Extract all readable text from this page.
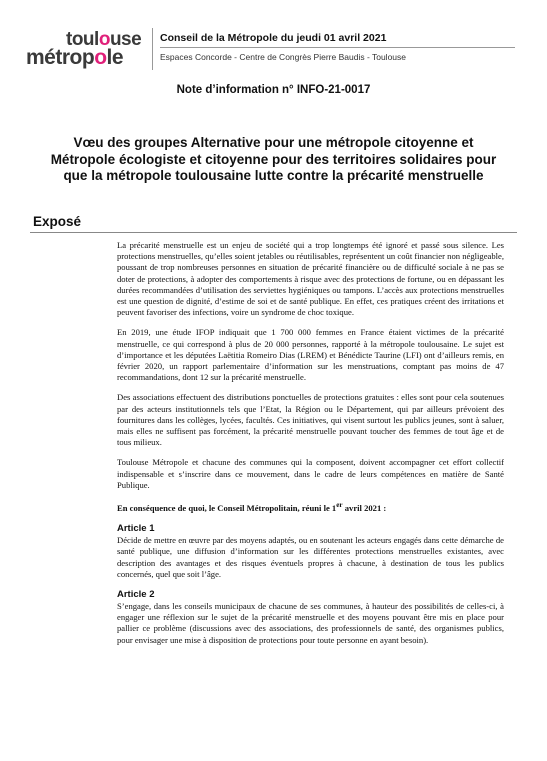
toulouse
métropole
Conseil de la Métropole du jeudi 01 avril 2021
Espaces Concorde - Centre de Congrès Pierre Baudis - Toulouse
Note d’information n° INFO-21-0017
Vœu des groupes Alternative pour une métropole citoyenne et Métropole écologiste et citoyenne pour des territoires solidaires pour que la métropole toulousaine lutte contre la précarité menstruelle
Exposé

La précarité menstruelle est un enjeu de société qui a trop longtemps été ignoré et passé sous silence. Les protections menstruelles, qu’elles soient jetables ou réutilisables, représentent un coût financier non négligeable, poussant de trop nombreuses personnes en situation de précarité financière ou de difficulté sociale à ne pas se doter de protections, à adopter des comportements à risque avec des protections de fortune, ou en dépassant les durées recommandées d’utilisation des serviettes hygiéniques ou tampons. L’accès aux protections menstruelles est une question de dignité, d’estime de soi et de santé publique. En effet, ces pratiques créent des irritations et peuvent favoriser des infections, voire un syndrome de choc toxique.

En 2019, une étude IFOP indiquait que 1 700 000 femmes en France étaient victimes de la précarité menstruelle, ce qui correspond à plus de 20 000 personnes, rapporté à la métropole toulousaine. Le sujet est d’importance et les députées Laëtitia Romeiro Dias (LREM) et Bénédicte Taurine (LFI) ont d’ailleurs remis, en février 2020, un rapport parlementaire d’information sur les menstruations, comptant pas moins de 47 recommandations, dont 12 sur la précarité menstruelle.

Des associations effectuent des distributions ponctuelles de protections gratuites : elles sont pour cela soutenues par des acteurs institutionnels tels que l’Etat, la Région ou le Département, qui par ailleurs prévoient des fournitures dans les collèges, lycées, facultés. Ces initiatives, qui visent surtout les publics jeunes, sont à saluer, mais elles ne suffisent pas forcément, la précarité menstruelle pouvant toucher des femmes de tout âge et de tous milieux.

Toulouse Métropole et chacune des communes qui la composent, doivent accompagner cet effort collectif indispensable et s’inscrire dans ce mouvement, dans le cadre de leurs compétences en matière de Santé Publique.

En conséquence de quoi, le Conseil Métropolitain, réuni le 1er avril 2021 :

Article 1

Décide de mettre en œuvre par des moyens adaptés, ou en soutenant les acteurs engagés dans cette démarche de santé publique, une diffusion d’information sur les différentes protections menstruelles existantes, avec description des avantages et des risques éventuels propres à chacune, à destination de tous les publics concernés, quel que soit l’âge.

Article 2

S’engage, dans les conseils municipaux de chacune de ses communes, à hauteur des possibilités de celles-ci, à engager une réflexion sur le sujet de la précarité menstruelle et des moyens pouvant être mis en place pour pallier ce problème (discussions avec des associations, des professionnels de santé, des organismes publics, pour envisager une mise à disposition de protections pour toute personne en ayant besoin).
